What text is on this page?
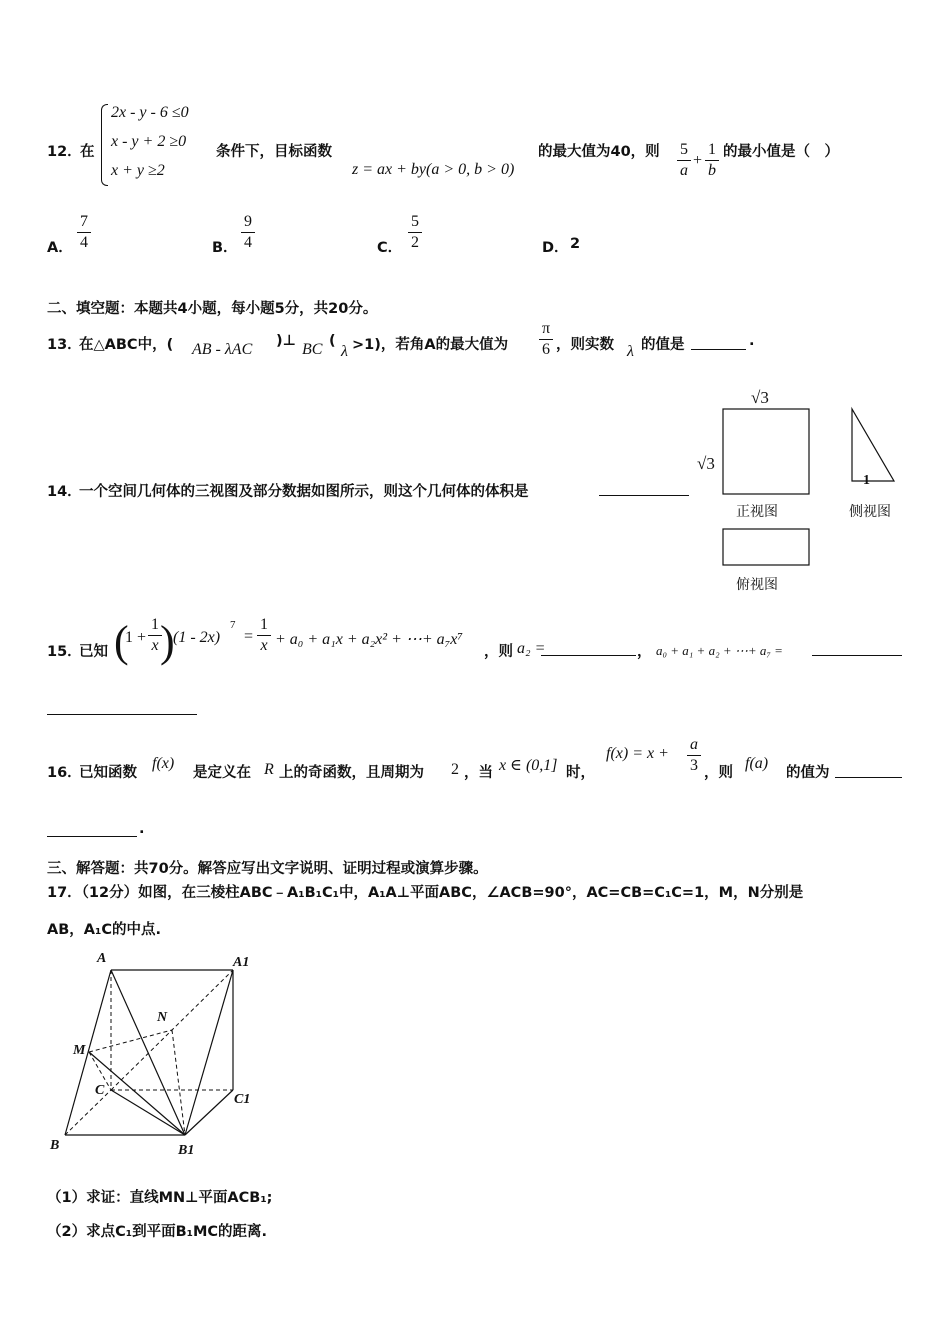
12．
在
2x - y - 6 ≤0
x - y + 2 ≥0
x + y ≥2
条件下，目标函数
z = ax + by(a > 0, b > 0)
的最大值为40，则 5
a
+
1
b
的最小值是（　）
A．
7
4	B．
9
4	C．
5
2	D． 2
二、填空题：本题共4小题，每小题5分，共20分。
13．
在△ABC中，( AB - λAC )⊥ BC (
λ >1)，若角A的最大值为
π
6 ，则实数 λ 的值是	.
14．
一个空间几何体的三视图及部分数据如图所示，则这个几何体的体积是
√3
√3
1
正视图	侧视图
俯视图
15．
已知 (
1 +
1
x )
(1 - 2x)
7
=
1
x + a₀ + a₁x + a₂x² + ⋯+ a₇x⁷
，则 a₂ =	， a₀ + a₁ + a₂ + ⋯+ a₇ =
16．
已知函数
f(x)
是定义在 R 上的奇函数，且周期为 2 ，当 x ∈ (0,1] 时，
f(x) = x +
a
3 ，则
f(a)
的值为
.
三、解答题：共70分。解答应写出文字说明、证明过程或演算步骤。
17．（12分）如图，在三棱柱ABC﹣A₁B₁C₁中，A₁A⊥平面ABC，∠ACB=90°，AC=CB=C₁C=1，M，N分别是
AB，A₁C的中点.
A	A1
N
M
C
C1
B	B1
（1）求证：直线MN⊥平面ACB₁;
（2）求点C₁到平面B₁MC的距离.
